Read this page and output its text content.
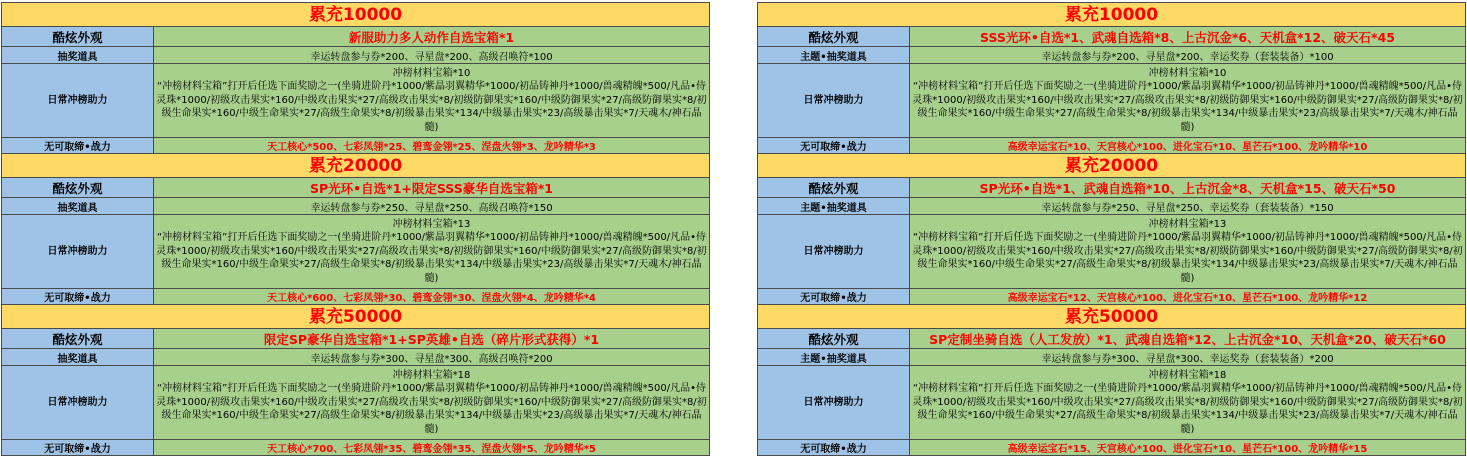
累充10000	
酷炫外观	新服助力多人动作自选宝箱*1
抽奖道具	幸运转盘参与券*200、寻星盘*200、高级召唤符*100
日常冲榜助力	冲榜材料宝箱*10
“冲榜材料宝箱”打开后任选下面奖励之一(坐骑进阶丹*1000/紫晶羽翼精华*1000/初品铸神丹*1000/兽魂精魄*500/凡品•侍灵珠*1000/初级攻击果实*160/中级攻击果实*27/高级攻击果实*8/初级防御果实*160/中级防御果实*27/高级防御果实*8/初级生命果实*160/中级生命果实*27/高级生命果实*8/初级暴击果实*134/中级暴击果实*23/高级暴击果实*7/天魂木/神石晶髓)

无可取缔•战力	天工核心*500、七彩凤翎*25、碧鸾金翎*25、涅盘火翎*3、龙吟精华*3
累充20000	
酷炫外观	SP光环•自选*1+限定SSS豪华自选宝箱*1
抽奖道具	幸运转盘参与券*250、寻星盘*250、高级召唤符*150
日常冲榜助力	冲榜材料宝箱*13
“冲榜材料宝箱”打开后任选下面奖励之一(坐骑进阶丹*1000/紫晶羽翼精华*1000/初品铸神丹*1000/兽魂精魄*500/凡品•侍灵珠*1000/初级攻击果实*160/中级攻击果实*27/高级攻击果实*8/初级防御果实*160/中级防御果实*27/高级防御果实*8/初级生命果实*160/中级生命果实*27/高级生命果实*8/初级暴击果实*134/中级暴击果实*23/高级暴击果实*7/天魂木/神石晶髓)

无可取缔•战力	天工核心*600、七彩凤翎*30、碧鸾金翎*30、涅盘火翎*4、龙吟精华*4
累充50000	
酷炫外观	限定SP豪华自选宝箱*1+SP英雄•自选（碎片形式获得）*1
抽奖道具	幸运转盘参与券*300、寻星盘*300、高级召唤符*200
日常冲榜助力	冲榜材料宝箱*18
“冲榜材料宝箱”打开后任选下面奖励之一(坐骑进阶丹*1000/紫晶羽翼精华*1000/初品铸神丹*1000/兽魂精魄*500/凡品•侍灵珠*1000/初级攻击果实*160/中级攻击果实*27/高级攻击果实*8/初级防御果实*160/中级防御果实*27/高级防御果实*8/初级生命果实*160/中级生命果实*27/高级生命果实*8/初级暴击果实*134/中级暴击果实*23/高级暴击果实*7/天魂木/神石晶髓)

无可取缔•战力	天工核心*700、七彩凤翎*35、碧鸾金翎*35、涅盘火翎*5、龙吟精华*5
累充10000	
酷炫外观	SSS光环•自选*1、武魂自选箱*8、上古沉金*6、天机盒*12、破天石*45
主题•抽奖道具	幸运转盘参与券*200、寻星盘*200、幸运奖券（套装装备）*100
日常冲榜助力	冲榜材料宝箱*10
“冲榜材料宝箱”打开后任选下面奖励之一(坐骑进阶丹*1000/紫晶羽翼精华*1000/初品铸神丹*1000/兽魂精魄*500/凡品•侍灵珠*1000/初级攻击果实*160/中级攻击果实*27/高级攻击果实*8/初级防御果实*160/中级防御果实*27/高级防御果实*8/初级生命果实*160/中级生命果实*27/高级生命果实*8/初级暴击果实*134/中级暴击果实*23/高级暴击果实*7/天魂木/神石晶髓)

无可取缔•战力	高级幸运宝石*10、天宫核心*100、进化宝石*10、星芒石*100、龙吟精华*10
累充20000	
酷炫外观	SP光环•自选*1、武魂自选箱*10、上古沉金*8、天机盒*15、破天石*50
主题•抽奖道具	幸运转盘参与券*250、寻星盘*250、幸运奖券（套装装备）*150
日常冲榜助力	冲榜材料宝箱*13
“冲榜材料宝箱”打开后任选下面奖励之一(坐骑进阶丹*1000/紫晶羽翼精华*1000/初品铸神丹*1000/兽魂精魄*500/凡品•侍灵珠*1000/初级攻击果实*160/中级攻击果实*27/高级攻击果实*8/初级防御果实*160/中级防御果实*27/高级防御果实*8/初级生命果实*160/中级生命果实*27/高级生命果实*8/初级暴击果实*134/中级暴击果实*23/高级暴击果实*7/天魂木/神石晶髓)

无可取缔•战力	高级幸运宝石*12、天宫核心*100、进化宝石*10、星芒石*100、龙吟精华*12
累充50000	
酷炫外观	SP定制坐骑自选（人工发放）*1、武魂自选箱*12、上古沉金*10、天机盒*20、破天石*60
主题•抽奖道具	幸运转盘参与券*300、寻星盘*300、幸运奖券（套装装备）*200
日常冲榜助力	冲榜材料宝箱*18
“冲榜材料宝箱”打开后任选下面奖励之一(坐骑进阶丹*1000/紫晶羽翼精华*1000/初品铸神丹*1000/兽魂精魄*500/凡品•侍灵珠*1000/初级攻击果实*160/中级攻击果实*27/高级攻击果实*8/初级防御果实*160/中级防御果实*27/高级防御果实*8/初级生命果实*160/中级生命果实*27/高级生命果实*8/初级暴击果实*134/中级暴击果实*23/高级暴击果实*7/天魂木/神石晶髓)

无可取缔•战力	高级幸运宝石*15、天宫核心*100、进化宝石*10、星芒石*100、龙吟精华*15
